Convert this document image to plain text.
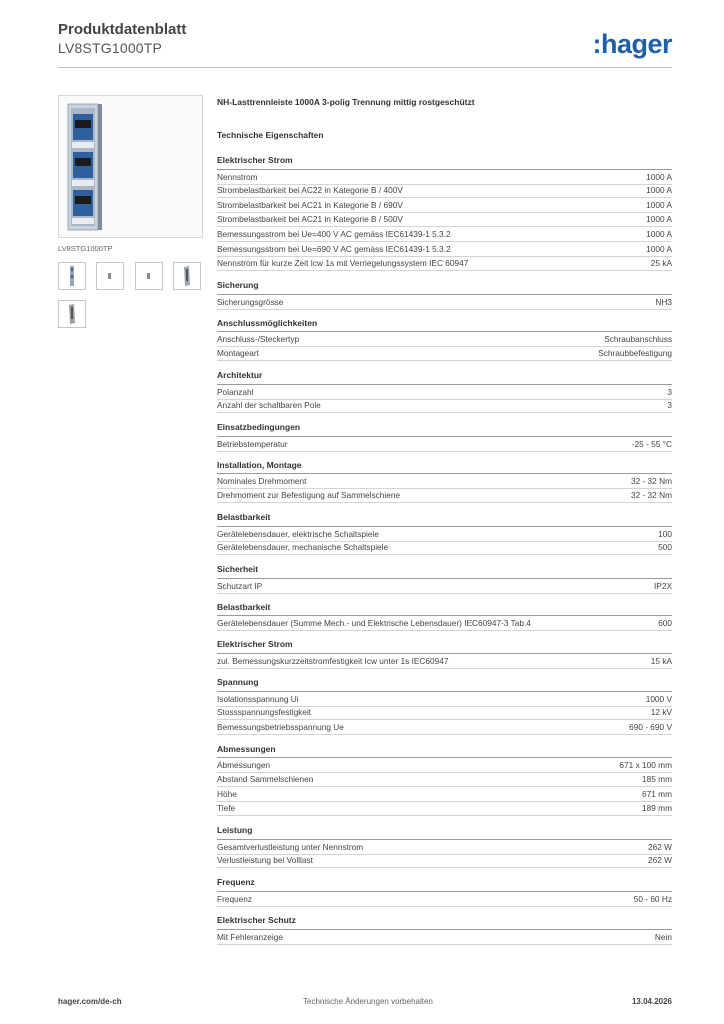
Produktdatenblatt
LV8STG1000TP	:hager
LV8STG1000TP
NH-Lasttrennleiste 1000A 3-polig Trennung mittig rostgeschützt
Technische Eigenschaften
Elektrischer Strom
Nennstrom	1000 A
Strombelastbarkeit bei AC22 in Kategorie B / 400V	1000 A
Strombelastbarkeit bei AC21 in Kategorie B / 690V	1000 A
Strombelastbarkeit bei AC21 in Kategorie B / 500V	1000 A
Bemessungsstrom bei Ue=400 V AC gemäss IEC61439-1 5.3.2	1000 A
Bemessungsstrom bei Ue=690 V AC gemäss IEC61439-1 5.3.2	1000 A
Nennstrom für kurze Zeit Icw 1s mit Verriegelungssystem IEC 60947	25 kA
Sicherung
Sicherungsgrösse	NH3
Anschlussmöglichkeiten
Anschluss-/Steckertyp	Schraubanschluss
Montageart	Schraubbefestigung
Architektur
Polanzahl	3
Anzahl der schaltbaren Pole	3
Einsatzbedingungen
Betriebstemperatur	-25 - 55 °C
Installation, Montage
Nominales Drehmoment	32 - 32 Nm
Drehmoment zur Befestigung auf Sammelschiene	32 - 32 Nm
Belastbarkeit
Gerätelebensdauer, elektrische Schaltspiele	100
Gerätelebensdauer, mechanische Schaltspiele	500
Sicherheit
Schutzart IP	IP2X
Belastbarkeit
Gerätelebensdauer (Summe Mech.- und Elektrische Lebensdauer) IEC60947-3 Tab.4	600
Elektrischer Strom
zul. Bemessungskurzzeitstromfestigkeit Icw unter 1s IEC60947	15 kA
Spannung
Isolationsspannung Ui	1000 V
Stossspannungsfestigkeit	12 kV
Bemessungsbetriebsspannung Ue	690 - 690 V
Abmessungen
Abmessungen	671 x 100 mm
Abstand Sammelschienen	185 mm
Höhe	671 mm
Tiefe	189 mm
Leistung
Gesamtverlustleistung unter Nennstrom	262 W
Verlustleistung bei Volllast	262 W
Frequenz
Frequenz	50 - 60 Hz
Elektrischer Schutz
Mit Fehleranzeige	Nein
hager.com/de-ch	Technische Änderungen vorbehalten	13.04.2026
